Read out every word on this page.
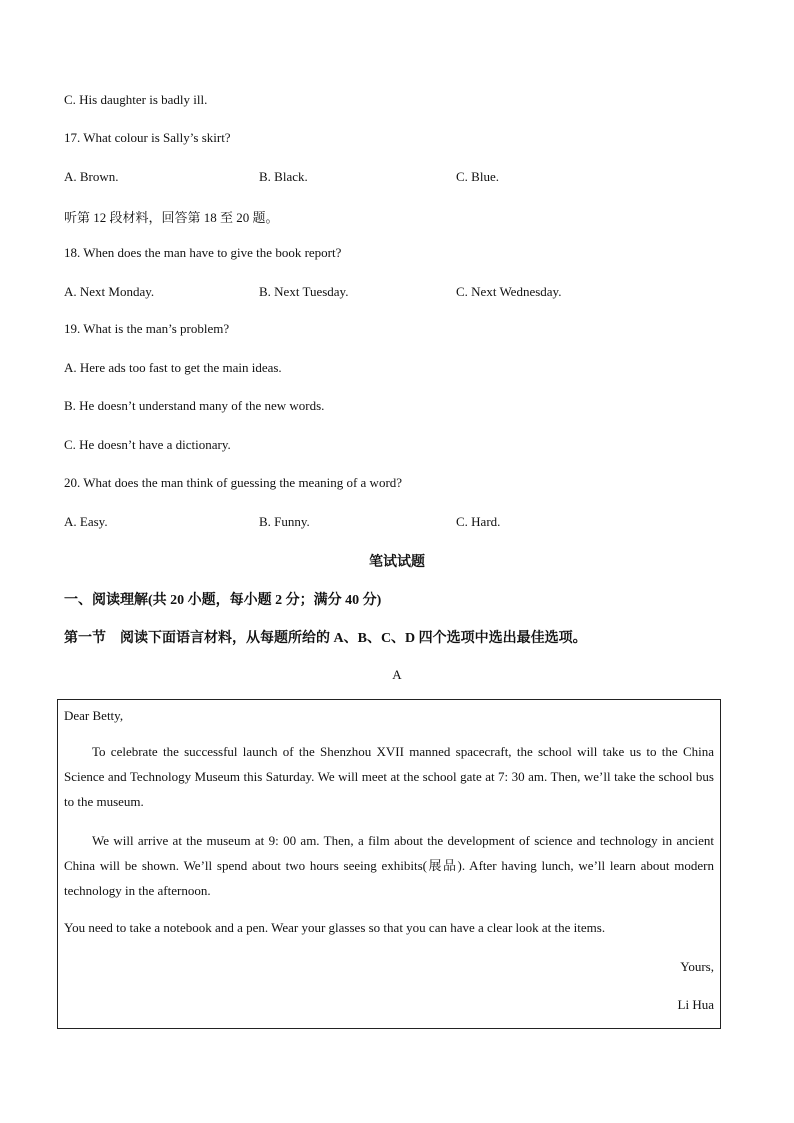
C. His daughter is badly ill.
17. What colour is Sally’s skirt?
A. Brown.	B. Black.	C. Blue.
听第 12 段材料，回答第 18 至 20 题。
18. When does the man have to give the book report?
A. Next Monday.	B. Next Tuesday.	C. Next Wednesday.
19. What is the man’s problem?
A. Here ads too fast to get the main ideas.
B. He doesn’t understand many of the new words.
C. He doesn’t have a dictionary.
20. What does the man think of guessing the meaning of a word?
A. Easy.	B. Funny.	C. Hard.
笔试试题
一、阅读理解(共 20 小题，每小题 2 分；满分 40 分)
第一节　阅读下面语言材料，从每题所给的 A、B、C、D 四个选项中选出最佳选项。
A

Dear Betty,

To celebrate the successful launch of the Shenzhou XVII manned spacecraft, the school will take us to the China Science and Technology Museum this Saturday. We will meet at the school gate at 7: 30 am. Then, we’ll take the school bus to the museum.

We will arrive at the museum at 9: 00 am. Then, a film about the development of science and technology in ancient China will be shown. We’ll spend about two hours seeing exhibits(展品). After having lunch, we’ll learn about modern technology in the afternoon.

You need to take a notebook and a pen. Wear your glasses so that you can have a clear look at the items.

Yours,
Li Hua
